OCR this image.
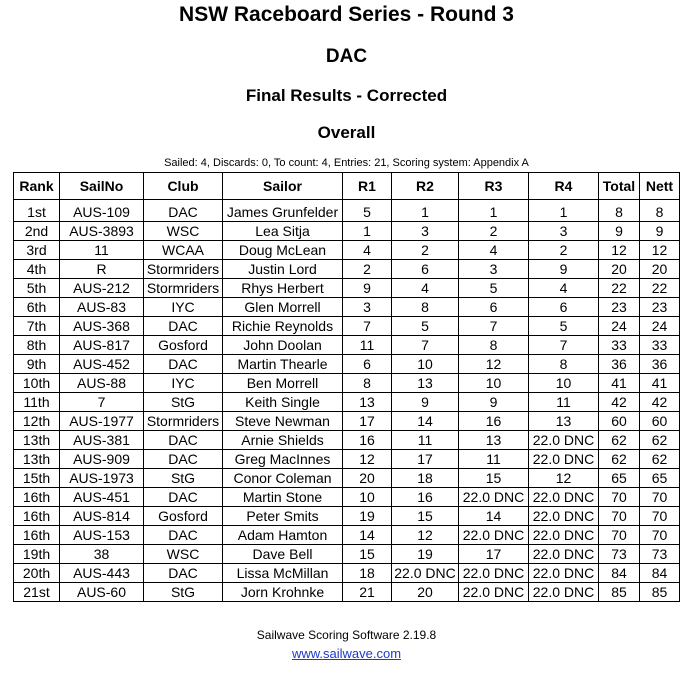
NSW Raceboard Series - Round 3
DAC
Final Results - Corrected
Overall
Sailed: 4, Discards: 0, To count: 4, Entries: 21, Scoring system: Appendix A
Rank	SailNo	Club	Sailor	R1	R2	R3	R4	Total	Nett
1st	AUS-109	DAC	James Grunfelder	5	1	1	1	8	8
2nd	AUS-3893	WSC	Lea Sitja	1	3	2	3	9	9
3rd	11	WCAA	Doug McLean	4	2	4	2	12	12
4th	R	Stormriders	Justin Lord	2	6	3	9	20	20
5th	AUS-212	Stormriders	Rhys Herbert	9	4	5	4	22	22
6th	AUS-83	IYC	Glen Morrell	3	8	6	6	23	23
7th	AUS-368	DAC	Richie Reynolds	7	5	7	5	24	24
8th	AUS-817	Gosford	John Doolan	11	7	8	7	33	33
9th	AUS-452	DAC	Martin Thearle	6	10	12	8	36	36
10th	AUS-88	IYC	Ben Morrell	8	13	10	10	41	41
11th	7	StG	Keith Single	13	9	9	11	42	42
12th	AUS-1977	Stormriders	Steve Newman	17	14	16	13	60	60
13th	AUS-381	DAC	Arnie Shields	16	11	13	22.0 DNC	62	62
13th	AUS-909	DAC	Greg MacInnes	12	17	11	22.0 DNC	62	62
15th	AUS-1973	StG	Conor Coleman	20	18	15	12	65	65
16th	AUS-451	DAC	Martin Stone	10	16	22.0 DNC	22.0 DNC	70	70
16th	AUS-814	Gosford	Peter Smits	19	15	14	22.0 DNC	70	70
16th	AUS-153	DAC	Adam Hamton	14	12	22.0 DNC	22.0 DNC	70	70
19th	38	WSC	Dave Bell	15	19	17	22.0 DNC	73	73
20th	AUS-443	DAC	Lissa McMillan	18	22.0 DNC	22.0 DNC	22.0 DNC	84	84
21st	AUS-60	StG	Jorn Krohnke	21	20	22.0 DNC	22.0 DNC	85	85
Sailwave Scoring Software 2.19.8
www.sailwave.com
